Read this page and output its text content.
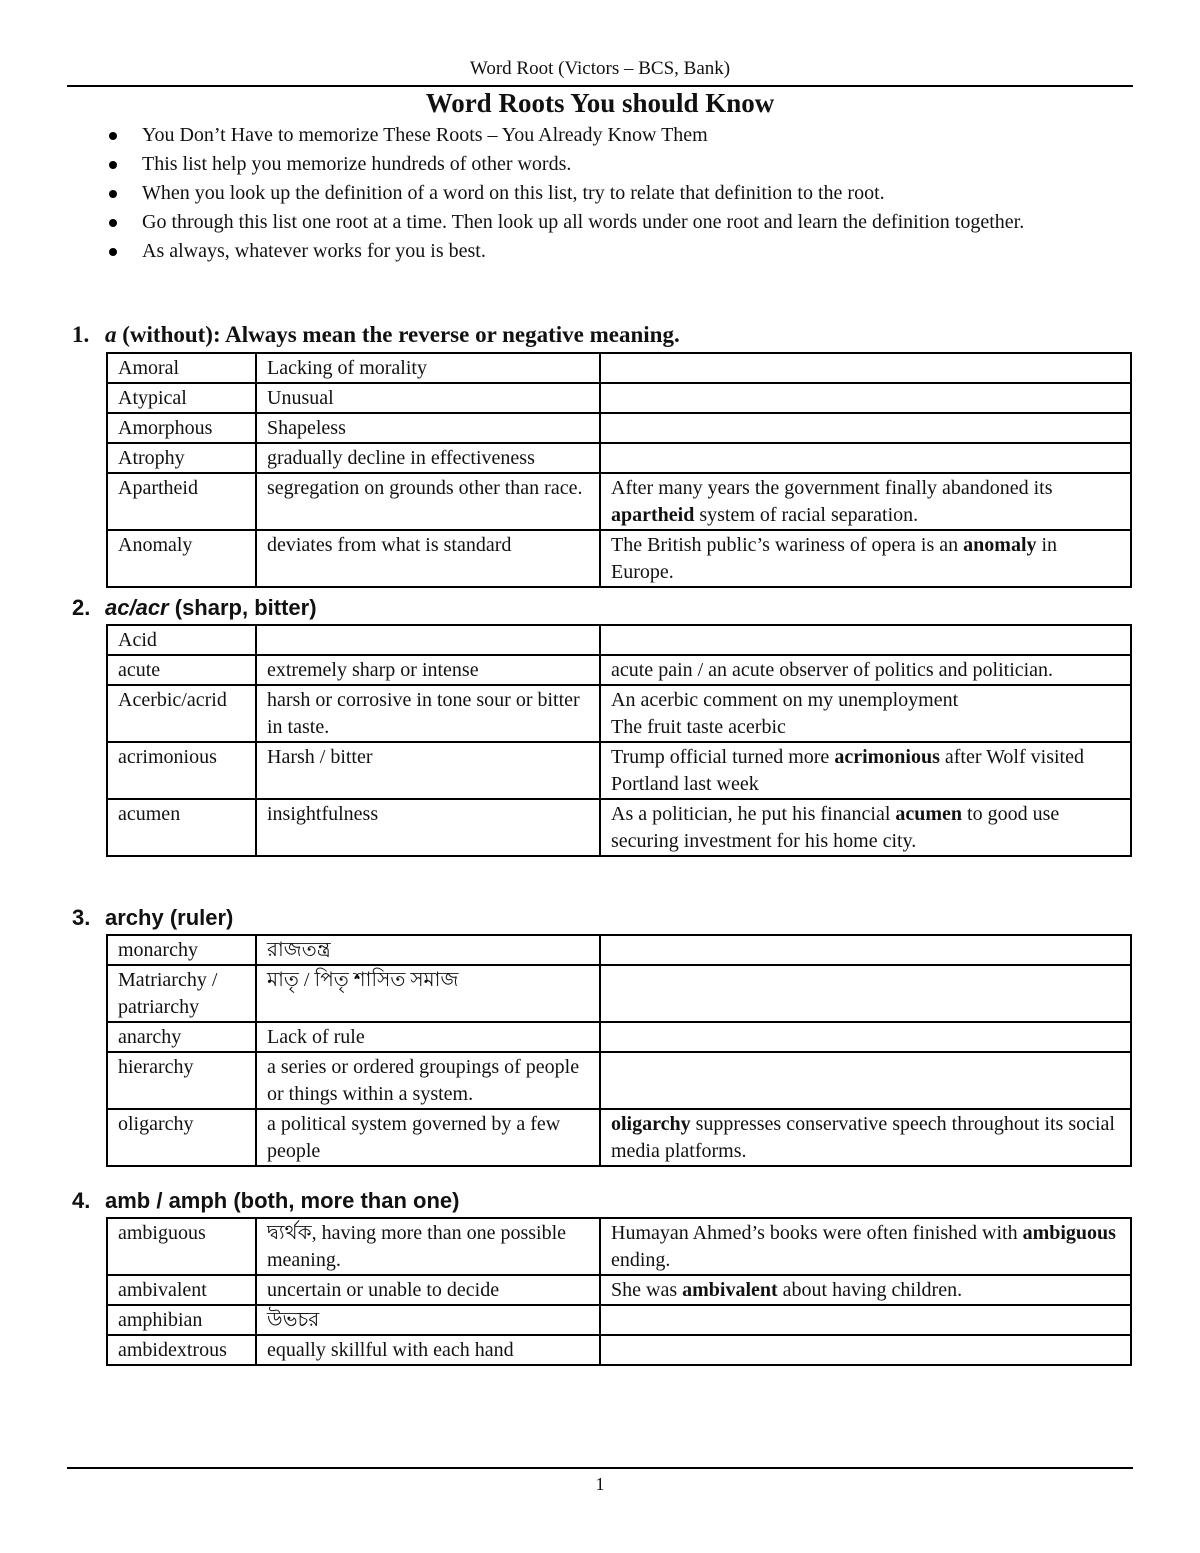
Word Root (Victors – BCS, Bank)
Word Roots You should Know
You Don’t Have to memorize These Roots – You Already Know Them
This list help you memorize hundreds of other words.
When you look up the definition of a word on this list, try to relate that definition to the root.
Go through this list one root at a time. Then look up all words under one root and learn the definition together.
As always, whatever works for you is best.
1. a (without): Always mean the reverse or negative meaning.
Amoral	Lacking of morality	
Atypical	Unusual	
Amorphous	Shapeless	
Atrophy	gradually decline in effectiveness	
Apartheid	segregation on grounds other than race.	After many years the government finally abandoned its apartheid system of racial separation.
Anomaly	deviates from what is standard	The British public’s wariness of opera is an anomaly in Europe.
2. ac/acr (sharp, bitter)
Acid		
acute	extremely sharp or intense	acute pain / an acute observer of politics and politician.
Acerbic/acrid	harsh or corrosive in tone sour or bitter in taste.	An acerbic comment on my unemployment
The fruit taste acerbic
acrimonious	Harsh / bitter	Trump official turned more acrimonious after Wolf visited Portland last week
acumen	insightfulness	As a politician, he put his financial acumen to good use securing investment for his home city.
3. archy (ruler)
monarchy	রাজতন্ত্র	
Matriarchy / patriarchy	মাতৃ / পিতৃ শাসিত সমাজ	
anarchy	Lack of rule	
hierarchy	a series or ordered groupings of people or things within a system.	
oligarchy	a political system governed by a few people	oligarchy suppresses conservative speech throughout its social media platforms.
4. amb / amph (both, more than one)
ambiguous	দ্ব্যর্থক, having more than one possible meaning.	Humayan Ahmed’s books were often finished with ambiguous ending.
ambivalent	uncertain or unable to decide	She was ambivalent about having children.
amphibian	উভচর	
ambidextrous	equally skillful with each hand	
1
